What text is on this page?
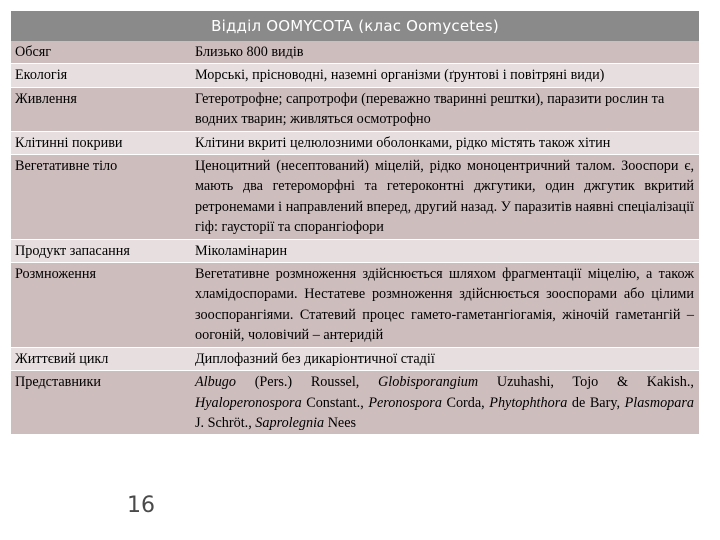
Відділ OOMYCOTA (клас Oomycetes)
Обсяг	Близько 800 видів
Екологія	Морські, прісноводні, наземні організми (ґрунтові і повітряні види)
Живлення	Гетеротрофне; сапротрофи (переважно тваринні рештки), паразити рослин та водних тварин; живляться осмотрофно
Клітинні покриви	Клітини вкриті целюлозними оболонками, рідко містять також хітин
Вегетативне тіло	Ценоцитний (несептований) міцелій, рідко моноцентричний талом. Зооспори є, мають два гетероморфні та гетероконтні джгутики, один джгутик вкритий ретронемами і направлений вперед, другий назад. У паразитів наявні спеціалізації гіф: гаусторії та спорангіофори
Продукт запасання	Міколамінарин
Розмноження	Вегетативне розмноження здійснюється шляхом фрагментації міцелію, а також хламідоспорами. Нестатеве розмноження здійснюється зооспорами або цілими зооспорангіями. Статевий процес гамето-гаметангіогамія, жіночій гаметангій – оогоній, чоловічий – антеридій
Життєвий цикл	Диплофазний без дикаріонтичної стадії
Представники	Albugo (Pers.) Roussel, Globisporangium Uzuhashi, Tojo & Kakish., Hyaloperonospora Constant., Peronospora Corda, Phytophthora de Bary, Plasmopara J. Schröt., Saprolegnia Nees
16
